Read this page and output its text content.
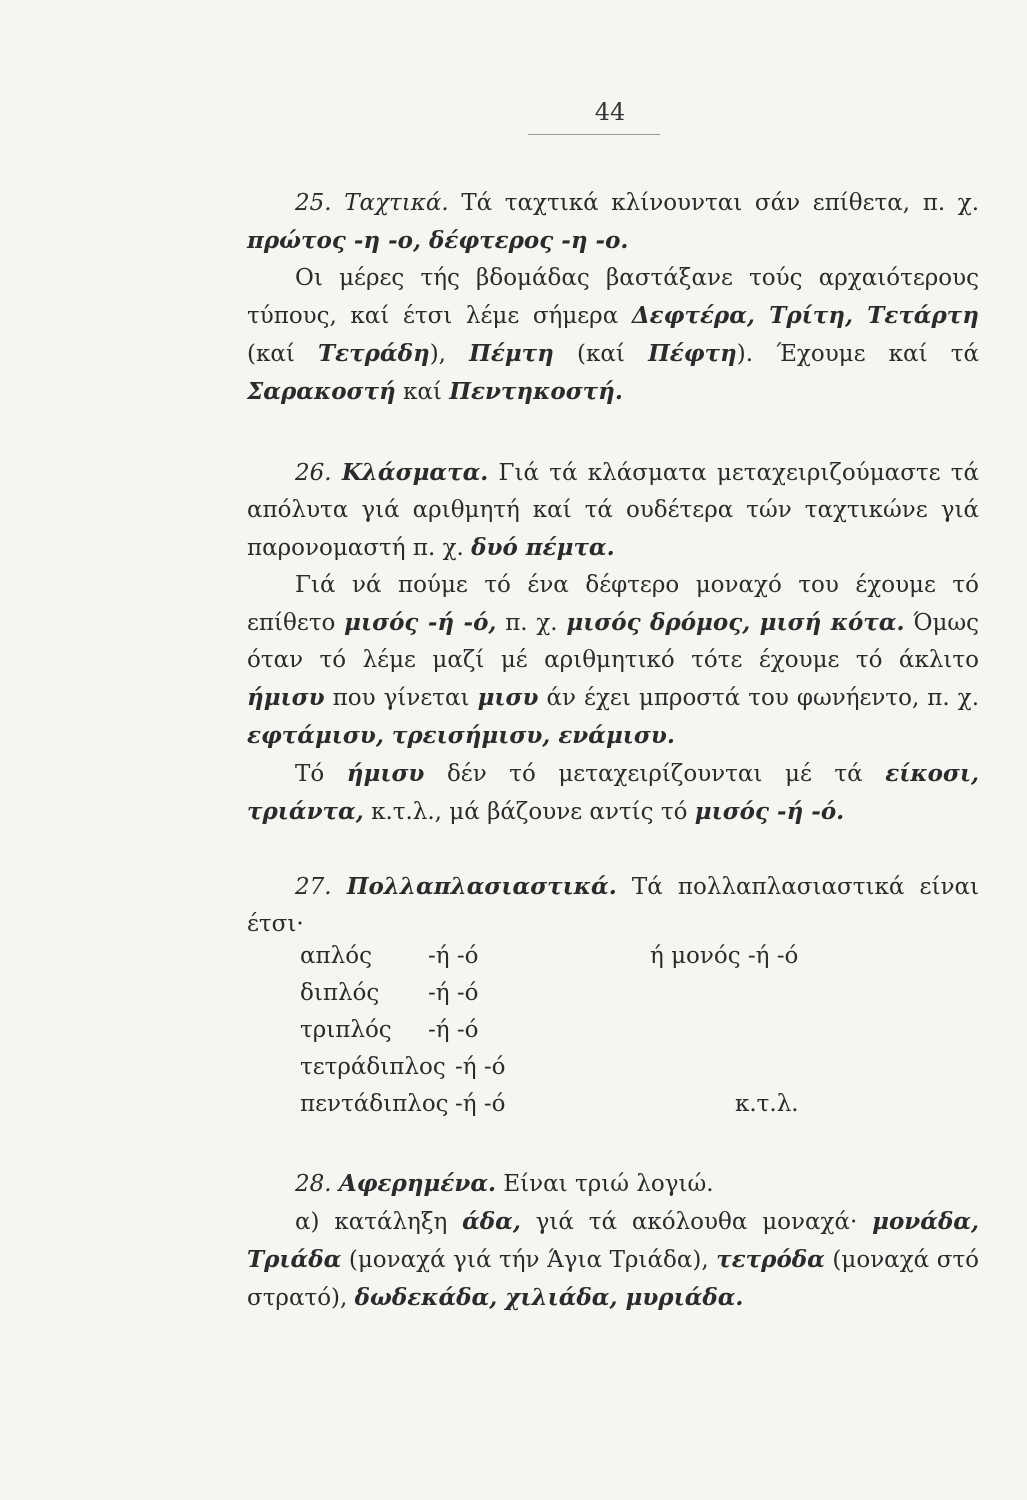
44
25. Ταχτικά. Τά ταχτικά κλίνουνται σάν επίθετα, π. χ. πρώτος -η -ο, δέφτερος -η -ο.
Οι μέρες τής βδομάδας βαστάξανε τούς αρχαιότερους τύπους, καί έτσι λέμε σήμερα Δεφτέρα, Τρίτη, Τετάρτη (καί Τετράδη), Πέμτη (καί Πέφτη). Έχουμε καί τά Σαρακοστή καί Πεντηκοστή.
26. Κλάσματα. Γιά τά κλάσματα μεταχειριζούμαστε τά απόλυτα γιά αριθμητή καί τά ουδέτερα τών ταχτικώνε γιά παρονομαστή π. χ. δυό πέμτα.
Γιά νά πούμε τό ένα δέφτερο μοναχό του έχουμε τό επίθετο μισός -ή -ό, π. χ. μισός δρόμος, μισή κότα. Όμως όταν τό λέμε μαζί μέ αριθμητικό τότε έχουμε τό άκλιτο ήμισυ που γίνεται μισυ άν έχει μπροστά του φωνήεντο, π. χ. εφτάμισυ, τρεισήμισυ, ενάμισυ.
Τό ήμισυ δέν τό μεταχειρίζουνται μέ τά είκοσι, τριάντα, κ.τ.λ., μά βάζουνε αντίς τό μισός -ή -ό.
27. Πολλαπλασιαστικά. Τά πολλαπλασιαστικά είναι έτσι·
απλός -ή -ό	ή μονός -ή -ό
διπλός -ή -ό
τριπλός -ή -ό
τετράδιπλος -ή -ό
πεντάδιπλος -ή -ό	κ.τ.λ.
28. Αφερημένα. Είναι τριώ λογιώ.
α) κατάληξη άδα, γιά τά ακόλουθα μοναχά· μονάδα, Τριάδα (μοναχά γιά τήν Άγια Τριάδα), τετρόδα (μοναχά στό στρατό), δωδεκάδα, χιλιάδα, μυριάδα.
